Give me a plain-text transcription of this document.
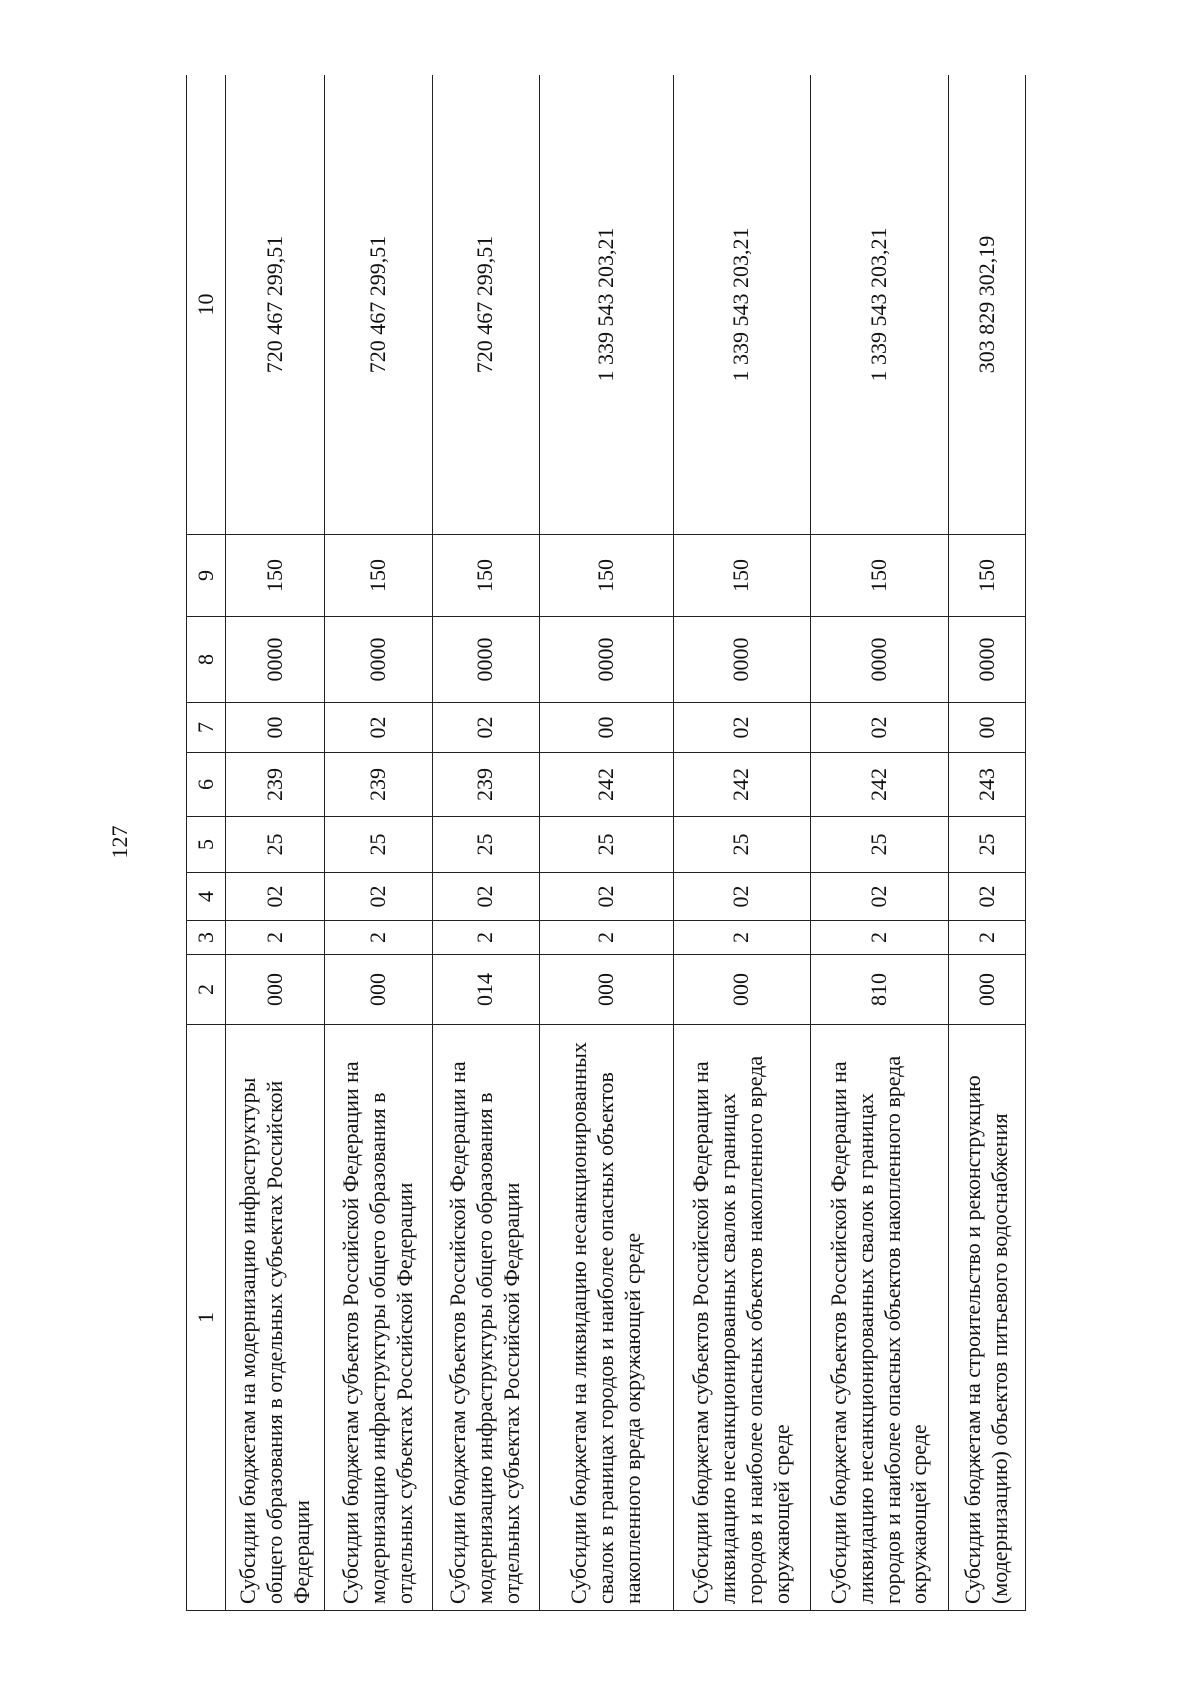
127
1	2	3	4	5	6	7	8	9	10
Субсидии бюджетам на модернизацию инфраструктуры общего образования в отдельных субъектах Российской Федерации	000	2	02	25	239	00	0000	150	720 467 299,51
Субсидии бюджетам субъектов Российской Федерации на модернизацию инфраструктуры общего образования в отдельных субъектах Российской Федерации	000	2	02	25	239	02	0000	150	720 467 299,51
Субсидии бюджетам субъектов Российской Федерации на модернизацию инфраструктуры общего образования в отдельных субъектах Российской Федерации	014	2	02	25	239	02	0000	150	720 467 299,51
Субсидии бюджетам на ликвидацию несанкционированных свалок в границах городов и наиболее опасных объектов накопленного вреда окружающей среде	000	2	02	25	242	00	0000	150	1 339 543 203,21
Субсидии бюджетам субъектов Российской Федерации на ликвидацию несанкционированных свалок в границах городов и наиболее опасных объектов накопленного вреда окружающей среде	000	2	02	25	242	02	0000	150	1 339 543 203,21
Субсидии бюджетам субъектов Российской Федерации на ликвидацию несанкционированных свалок в границах городов и наиболее опасных объектов накопленного вреда окружающей среде	810	2	02	25	242	02	0000	150	1 339 543 203,21
Субсидии бюджетам на строительство и реконструкцию (модернизацию) объектов питьевого водоснабжения	000	2	02	25	243	00	0000	150	303 829 302,19
